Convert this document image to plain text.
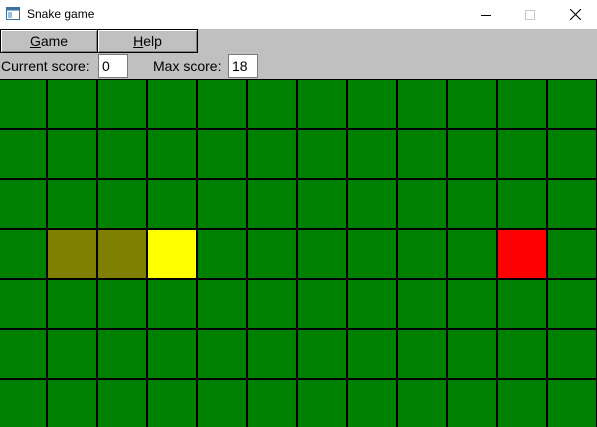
Snake game
Game	Help
Current score: 0	Max score: 18
